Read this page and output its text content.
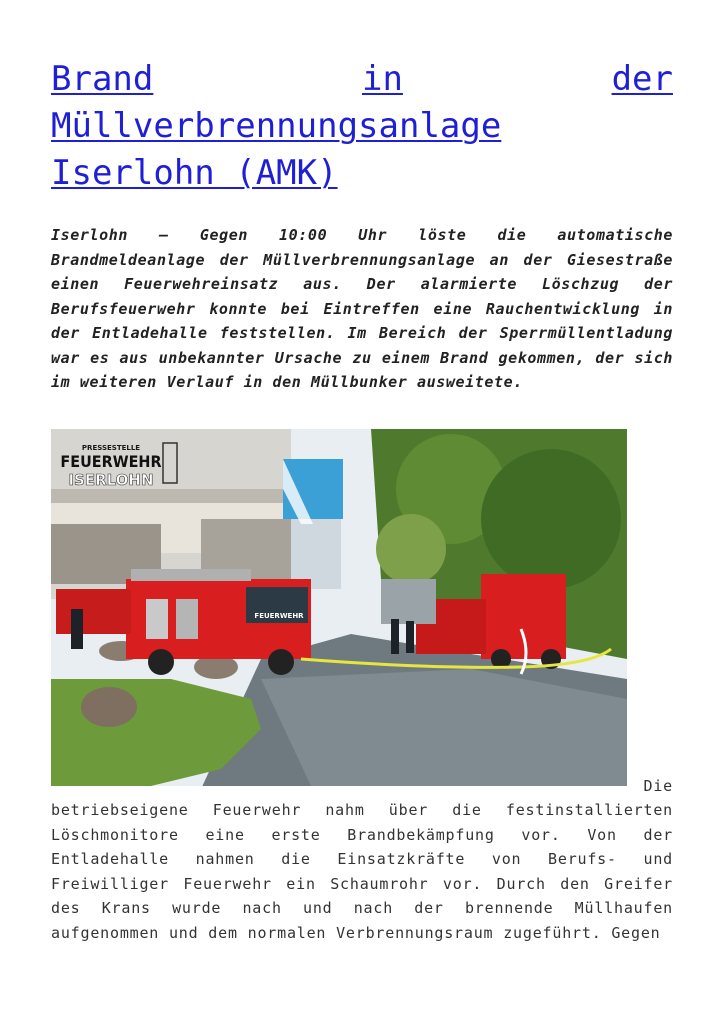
Brand	in	der
Müllverbrennungsanlage
Iserlohn (AMK)

Iserlohn – Gegen 10:00 Uhr löste die automatische Brandmeldeanlage der Müllverbrennungsanlage an der Giesestraße einen Feuerwehreinsatz aus. Der alarmierte Löschzug der Berufsfeuerwehr konnte bei Eintreffen eine Rauchentwicklung in der Entladehalle feststellen. Im Bereich der Sperrmüllentladung war es aus unbekannter Ursache zu einem Brand gekommen, der sich im weiteren Verlauf in den Müllbunker ausweitete.

PRESSESTELLE
FEUERWEHR
ISERLOHN
FEUERWEHR

Die
betriebseigene Feuerwehr nahm über die festinstallierten Löschmonitore eine erste Brandbekämpfung vor. Von der Entladehalle nahmen die Einsatzkräfte von Berufs- und Freiwilliger Feuerwehr ein Schaumrohr vor. Durch den Greifer des Krans wurde nach und nach der brennende Müllhaufen aufgenommen und dem normalen Verbrennungsraum zugeführt. Gegen
